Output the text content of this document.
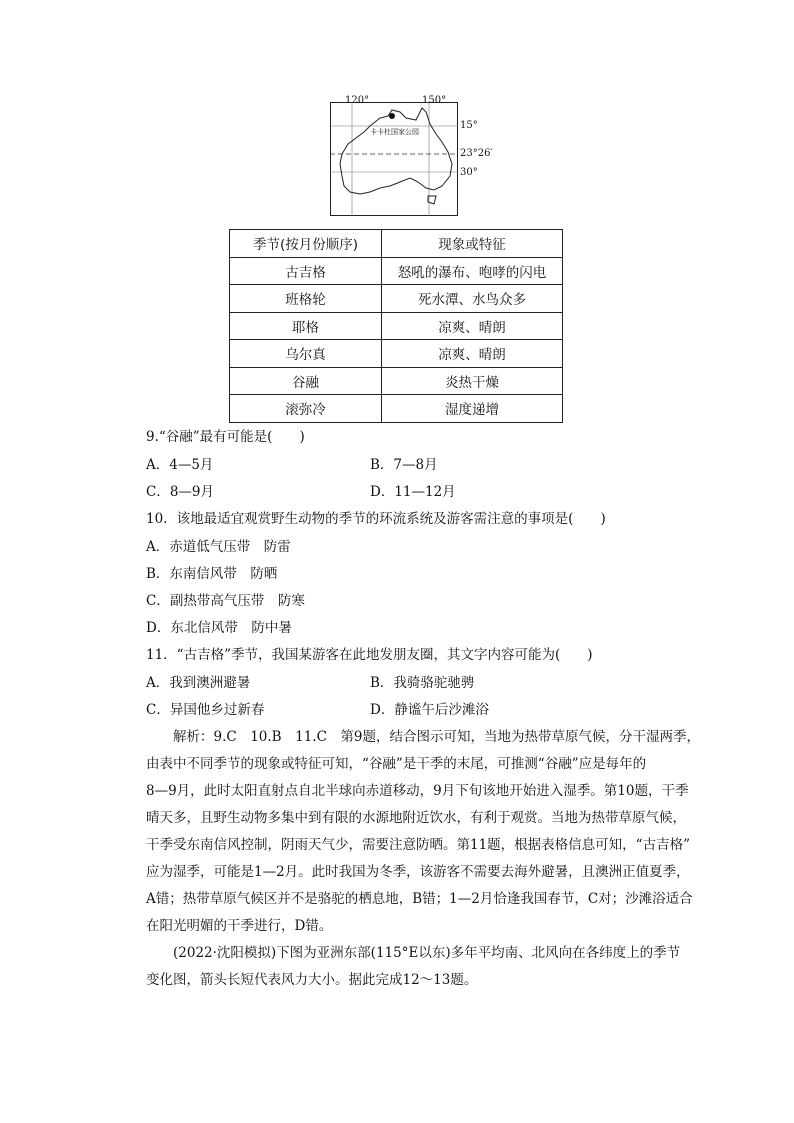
120°	150°
15°
23°26′
30°
卡卡杜国家公园
季节(按月份顺序)	现象或特征
古吉格	怒吼的瀑布、咆哮的闪电
班格轮	死水潭、水鸟众多
耶格	凉爽、晴朗
乌尔真	凉爽、晴朗
谷融	炎热干燥
滚弥冷	湿度递增
9.“谷融”最有可能是(　　)
A．4—5月	B．7—8月
C．8—9月	D．11—12月
10．该地最适宜观赏野生动物的季节的环流系统及游客需注意的事项是(　　)
A．赤道低气压带　防雷
B．东南信风带　防晒
C．副热带高气压带　防寒
D．东北信风带　防中暑
11．“古吉格”季节，我国某游客在此地发朋友圈，其文字内容可能为(　　)
A．我到澳洲避暑	B．我骑骆驼驰骋
C．异国他乡过新春	D．静谧午后沙滩浴
　　解析：9.C　10.B　11.C　第9题，结合图示可知，当地为热带草原气候，分干湿两季，
由表中不同季节的现象或特征可知，“谷融”是干季的末尾，可推测“谷融”应是每年的
8—9月，此时太阳直射点自北半球向赤道移动，9月下旬该地开始进入湿季。第10题，干季
晴天多，且野生动物多集中到有限的水源地附近饮水，有利于观赏。当地为热带草原气候，
干季受东南信风控制，阴雨天气少，需要注意防晒。第11题，根据表格信息可知，“古吉格”
应为湿季，可能是1—2月。此时我国为冬季，该游客不需要去海外避暑，且澳洲正值夏季，
A错；热带草原气候区并不是骆驼的栖息地，B错；1—2月恰逢我国春节，C对；沙滩浴适合
在阳光明媚的干季进行，D错。
　　(2022·沈阳模拟)下图为亚洲东部(115°E以东)多年平均南、北风向在各纬度上的季节
变化图，箭头长短代表风力大小。据此完成12～13题。
